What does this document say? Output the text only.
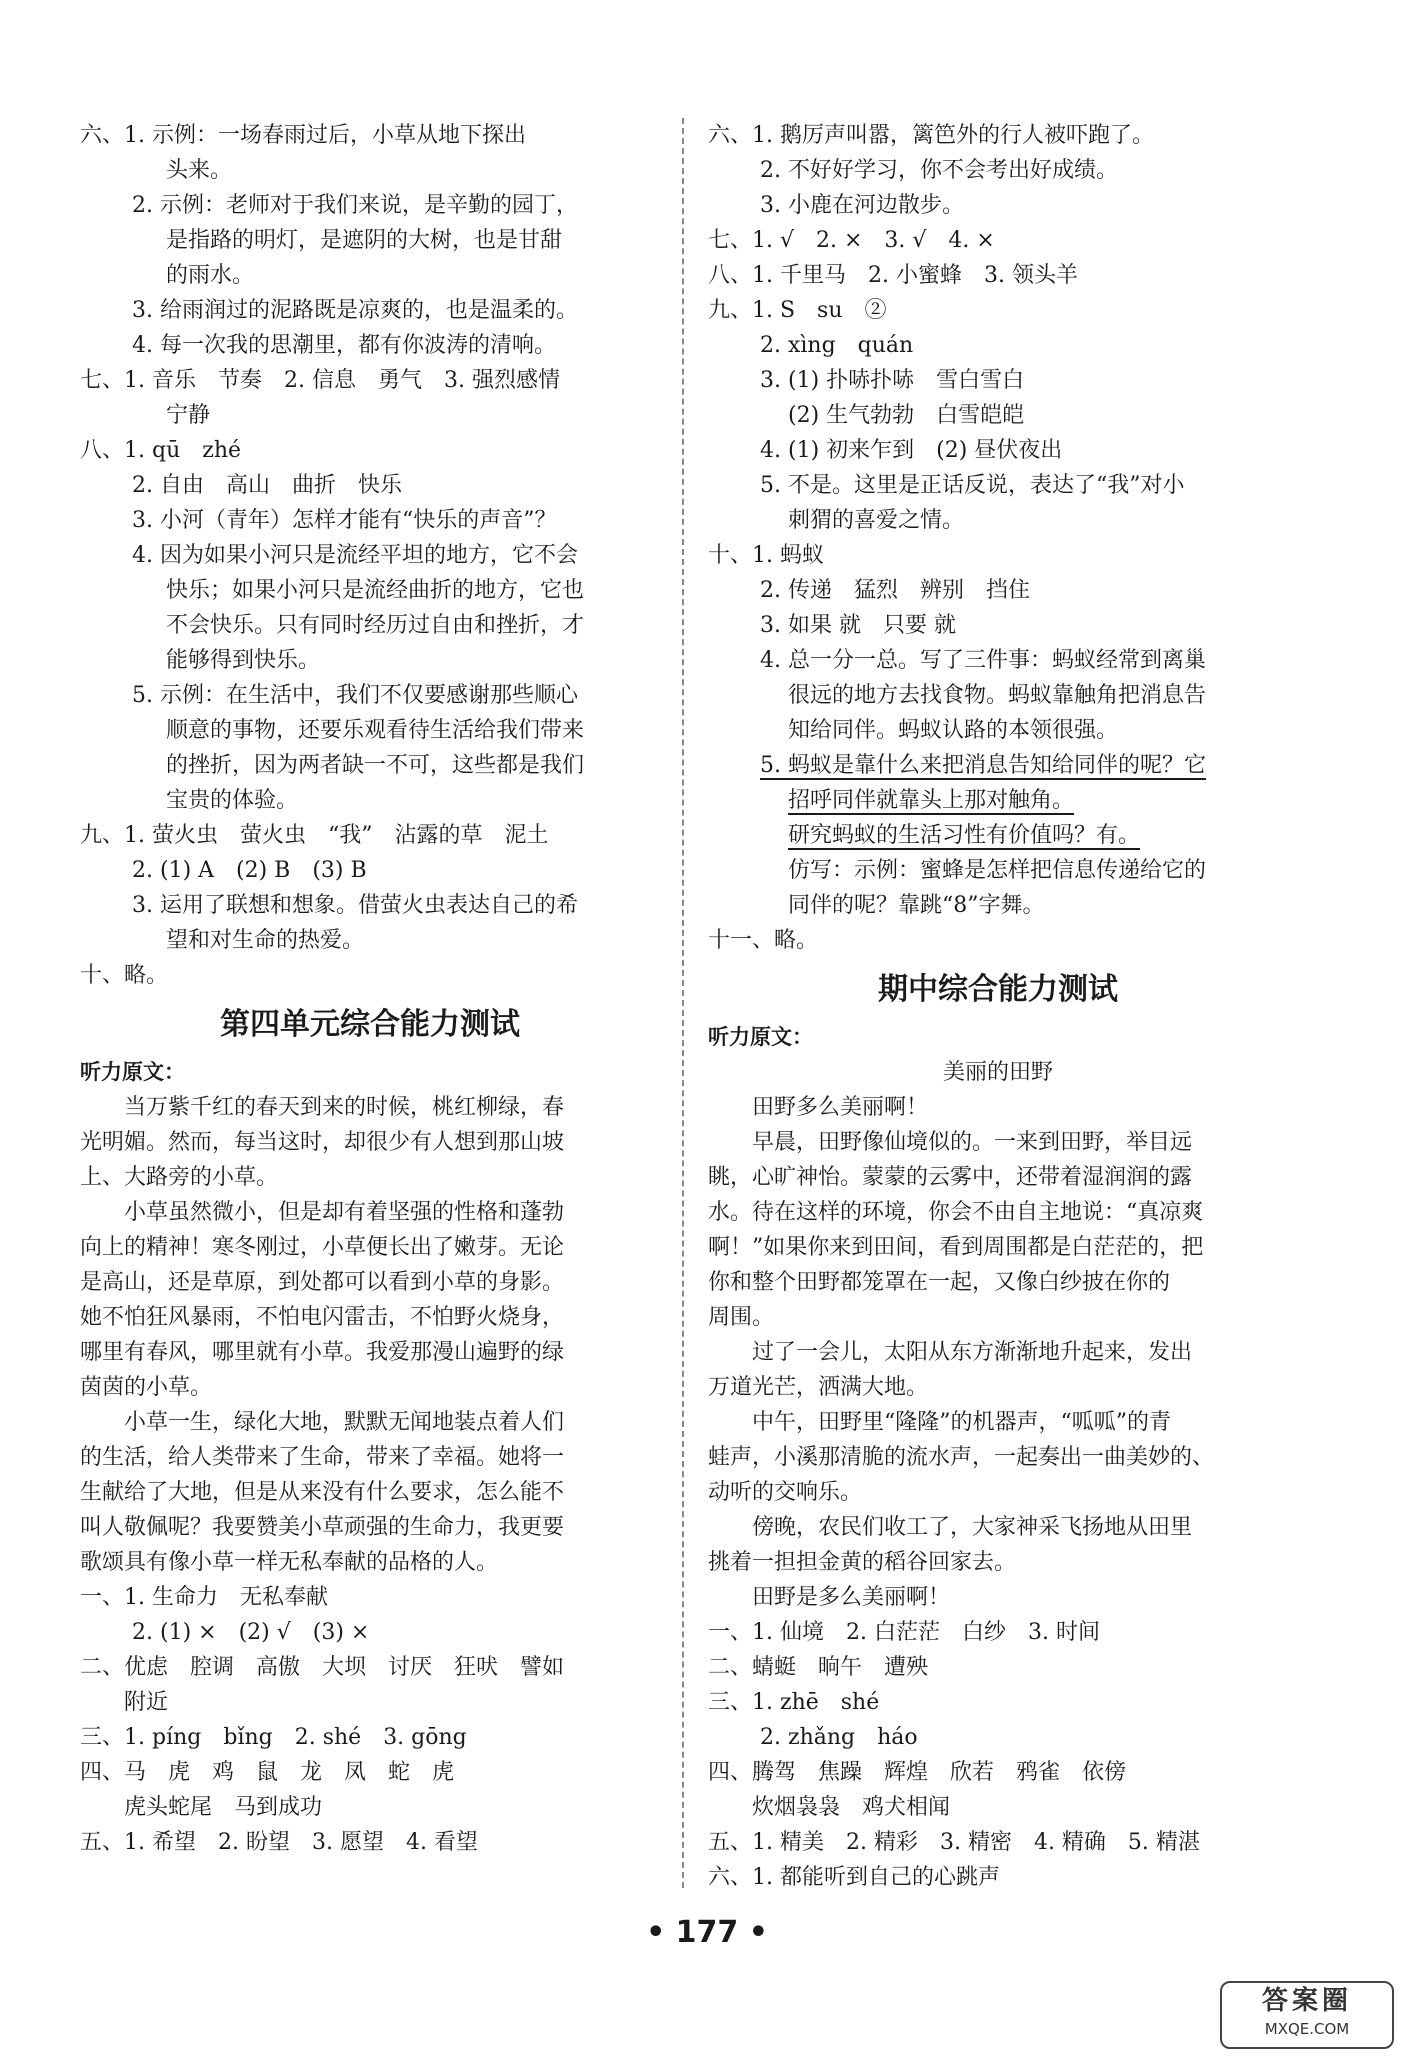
六、1. 示例：一场春雨过后，小草从地下探出
头来。
2. 示例：老师对于我们来说，是辛勤的园丁，
是指路的明灯，是遮阴的大树，也是甘甜
的雨水。
3. 给雨润过的泥路既是凉爽的，也是温柔的。
4. 每一次我的思潮里，都有你波涛的清响。
七、1. 音乐　节奏　2. 信息　勇气　3. 强烈感情
宁静
八、1. qū　zhé
2. 自由　高山　曲折　快乐
3. 小河（青年）怎样才能有“快乐的声音”？
4. 因为如果小河只是流经平坦的地方，它不会
快乐；如果小河只是流经曲折的地方，它也
不会快乐。只有同时经历过自由和挫折，才
能够得到快乐。
5. 示例：在生活中，我们不仅要感谢那些顺心
顺意的事物，还要乐观看待生活给我们带来
的挫折，因为两者缺一不可，这些都是我们
宝贵的体验。
九、1. 萤火虫　萤火虫　“我”　沾露的草　泥土
2. (1) A　(2) B　(3) B
3. 运用了联想和想象。借萤火虫表达自己的希
望和对生命的热爱。
十、略。
第四单元综合能力测试
听力原文：
当万紫千红的春天到来的时候，桃红柳绿，春
光明媚。然而，每当这时，却很少有人想到那山坡
上、大路旁的小草。
小草虽然微小，但是却有着坚强的性格和蓬勃
向上的精神！寒冬刚过，小草便长出了嫩芽。无论
是高山，还是草原，到处都可以看到小草的身影。
她不怕狂风暴雨，不怕电闪雷击，不怕野火烧身，
哪里有春风，哪里就有小草。我爱那漫山遍野的绿
茵茵的小草。
小草一生，绿化大地，默默无闻地装点着人们
的生活，给人类带来了生命，带来了幸福。她将一
生献给了大地，但是从来没有什么要求，怎么能不
叫人敬佩呢？我要赞美小草顽强的生命力，我更要
歌颂具有像小草一样无私奉献的品格的人。
一、1. 生命力　无私奉献
2. (1) ×　(2) √　(3) ×
二、优虑　腔调　高傲　大坝　讨厌　狂吠　譬如
附近
三、1. píng　bǐng　2. shé　3. gōng
四、马　虎　鸡　鼠　龙　凤　蛇　虎
虎头蛇尾　马到成功
五、1. 希望　2. 盼望　3. 愿望　4. 看望
六、1. 鹅厉声叫嚣，篱笆外的行人被吓跑了。
2. 不好好学习，你不会考出好成绩。
3. 小鹿在河边散步。
七、1. √　2. ×　3. √　4. ×
八、1. 千里马　2. 小蜜蜂　3. 领头羊
九、1. S　su　②
2. xìng　quán
3. (1) 扑哧扑哧　雪白雪白
(2) 生气勃勃　白雪皑皑
4. (1) 初来乍到　(2) 昼伏夜出
5. 不是。这里是正话反说，表达了“我”对小
刺猬的喜爱之情。
十、1. 蚂蚁
2. 传递　猛烈　辨别　挡住
3. 如果 就　只要 就
4. 总一分一总。写了三件事：蚂蚁经常到离巢
很远的地方去找食物。蚂蚁靠触角把消息告
知给同伴。蚂蚁认路的本领很强。
5. 蚂蚁是靠什么来把消息告知给同伴的呢？它
招呼同伴就靠头上那对触角。
研究蚂蚁的生活习性有价值吗？有。
仿写：示例：蜜蜂是怎样把信息传递给它的
同伴的呢？靠跳“8”字舞。
十一、略。
期中综合能力测试
听力原文：
美丽的田野
田野多么美丽啊！
早晨，田野像仙境似的。一来到田野，举目远
眺，心旷神怡。蒙蒙的云雾中，还带着湿润润的露
水。待在这样的环境，你会不由自主地说：“真凉爽
啊！”如果你来到田间，看到周围都是白茫茫的，把
你和整个田野都笼罩在一起，又像白纱披在你的
周围。
过了一会儿，太阳从东方渐渐地升起来，发出
万道光芒，洒满大地。
中午，田野里“隆隆”的机器声，“呱呱”的青
蛙声，小溪那清脆的流水声，一起奏出一曲美妙的、
动听的交响乐。
傍晚，农民们收工了，大家神采飞扬地从田里
挑着一担担金黄的稻谷回家去。
田野是多么美丽啊！
一、1. 仙境　2. 白茫茫　白纱　3. 时间
二、蜻蜓　晌午　遭殃
三、1. zhē　shé
2. zhǎng　háo
四、腾驾　焦躁　辉煌　欣若　鸦雀　依傍
炊烟袅袅　鸡犬相闻
五、1. 精美　2. 精彩　3. 精密　4. 精确　5. 精湛
六、1. 都能听到自己的心跳声
• 177 •
答案圈
MXQE.COM
